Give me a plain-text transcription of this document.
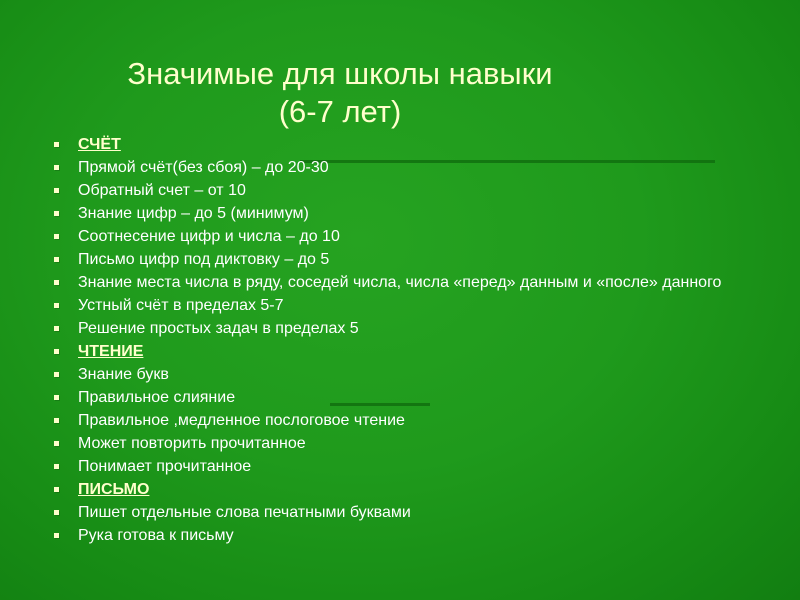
Значимые для школы навыки
(6-7 лет)
СЧЁТ
Прямой счёт(без сбоя) – до 20-30
Обратный счет – от 10
Знание цифр – до 5 (минимум)
Соотнесение цифр и числа – до 10
Письмо цифр под диктовку – до 5
Знание места числа в ряду, соседей числа, числа «перед» данным и «после» данного
Устный счёт в пределах 5-7
Решение простых задач в пределах 5
ЧТЕНИЕ
Знание букв
Правильное слияние
Правильное ,медленное послоговое чтение
Может повторить прочитанное
Понимает прочитанное
ПИСЬМО
Пишет отдельные слова печатными буквами
Рука готова к письму
